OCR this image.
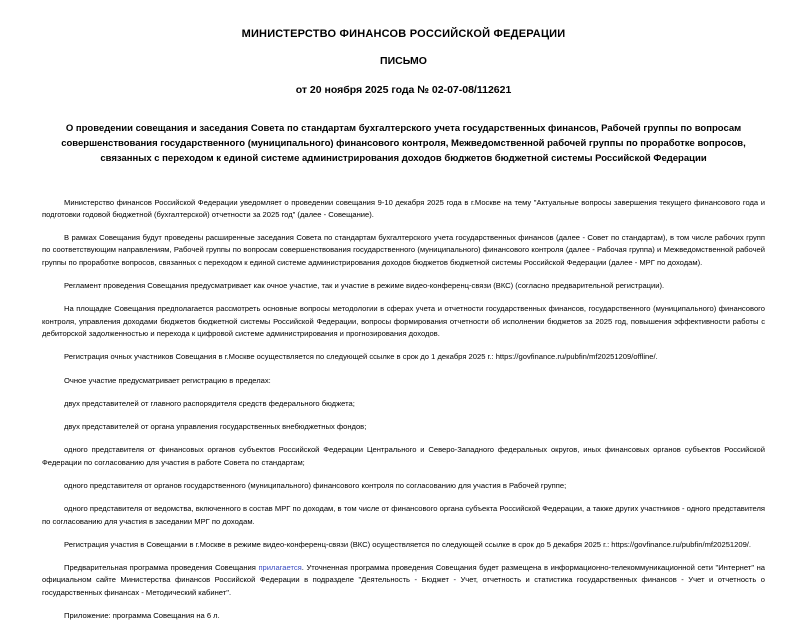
МИНИСТЕРСТВО ФИНАНСОВ РОССИЙСКОЙ ФЕДЕРАЦИИ
ПИСЬМО
от 20 ноября 2025 года № 02-07-08/112621
О проведении совещания и заседания Совета по стандартам бухгалтерского учета государственных финансов, Рабочей группы по вопросам совершенствования государственного (муниципального) финансового контроля, Межведомственной рабочей группы по проработке вопросов, связанных с переходом к единой системе администрирования доходов бюджетов бюджетной системы Российской Федерации

Министерство финансов Российской Федерации уведомляет о проведении совещания 9-10 декабря 2025 года в г.Москве на тему "Актуальные вопросы завершения текущего финансового года и подготовки годовой бюджетной (бухгалтерской) отчетности за 2025 год" (далее - Совещание).

В рамках Совещания будут проведены расширенные заседания Совета по стандартам бухгалтерского учета государственных финансов (далее - Совет по стандартам), в том числе рабочих групп по соответствующим направлениям, Рабочей группы по вопросам совершенствования государственного (муниципального) финансового контроля (далее - Рабочая группа) и Межведомственной рабочей группы по проработке вопросов, связанных с переходом к единой системе администрирования доходов бюджетов бюджетной системы Российской Федерации (далее - МРГ по доходам).

Регламент проведения Совещания предусматривает как очное участие, так и участие в режиме видео-конференц-связи (ВКС) (согласно предварительной регистрации).

На площадке Совещания предполагается рассмотреть основные вопросы методологии в сферах учета и отчетности государственных финансов, государственного (муниципального) финансового контроля, управления доходами бюджетов бюджетной системы Российской Федерации, вопросы формирования отчетности об исполнении бюджетов за 2025 год, повышения эффективности работы с дебиторской задолженностью и перехода к цифровой системе администрирования и прогнозирования доходов.

Регистрация очных участников Совещания в г.Москве осуществляется по следующей ссылке в срок до 1 декабря 2025 г.: https://govfinance.ru/pubfin/mf20251209/offline/.

Очное участие предусматривает регистрацию в пределах:

двух представителей от главного распорядителя средств федерального бюджета;

двух представителей от органа управления государственных внебюджетных фондов;

одного представителя от финансовых органов субъектов Российской Федерации Центрального и Северо-Западного федеральных округов, иных финансовых органов субъектов Российской Федерации по согласованию для участия в работе Совета по стандартам;

одного представителя от органов государственного (муниципального) финансового контроля по согласованию для участия в Рабочей группе;

одного представителя от ведомства, включенного в состав МРГ по доходам, в том числе от финансового органа субъекта Российской Федерации, а также других участников - одного представителя по согласованию для участия в заседании МРГ по доходам.

Регистрация участия в Совещании в г.Москве в режиме видео-конференц-связи (ВКС) осуществляется по следующей ссылке в срок до 5 декабря 2025 г.: https://govfinance.ru/pubfin/mf20251209/.

Предварительная программа проведения Совещания прилагается. Уточненная программа проведения Совещания будет размещена в информационно-телекоммуникационной сети "Интернет" на официальном сайте Министерства финансов Российской Федерации в подразделе "Деятельность - Бюджет - Учет, отчетность и статистика государственных финансов - Учет и отчетность о государственных финансах - Методический кабинет".

Приложение: программа Совещания на 6 л.
